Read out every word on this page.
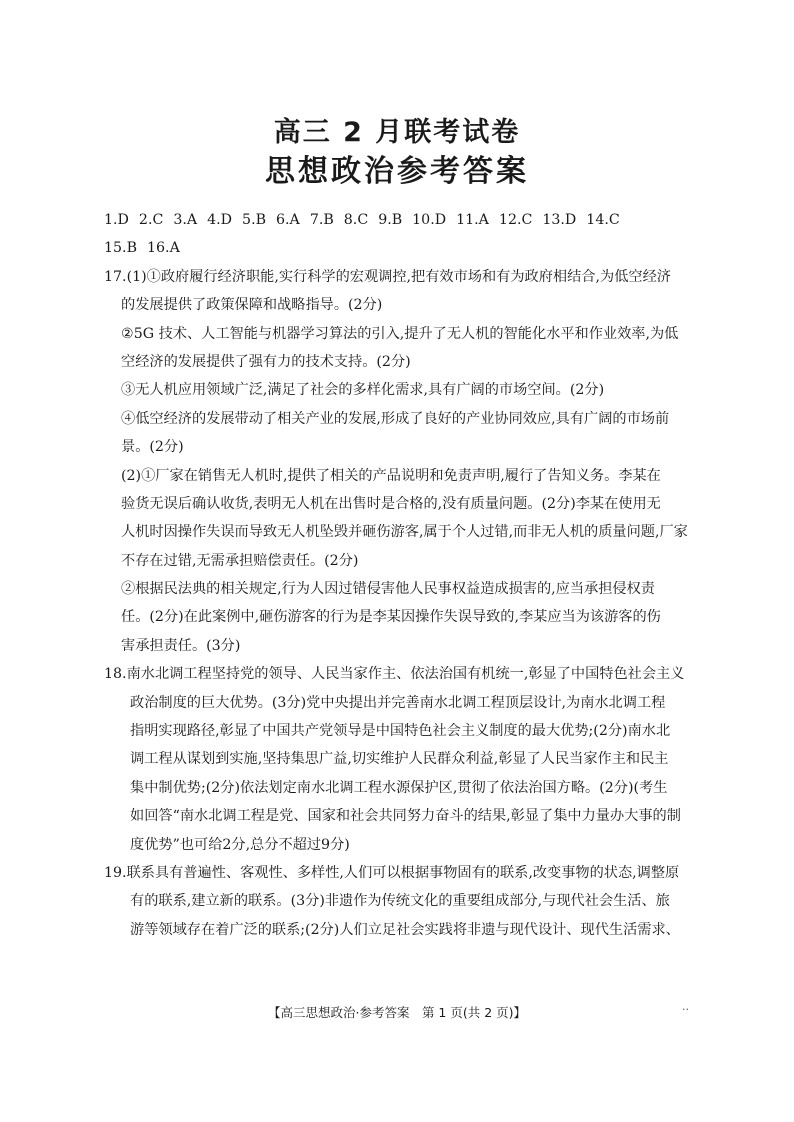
高三 2 月联考试卷
思想政治参考答案
1.D 2.C 3.A 4.D 5.B 6.A 7.B 8.C 9.B 10.D 11.A 12.C 13.D 14.C
15.B 16.A
17.(1)①政府履行经济职能,实行科学的宏观调控,把有效市场和有为政府相结合,为低空经济
的发展提供了政策保障和战略指导。(2分)
②5G 技术、人工智能与机器学习算法的引入,提升了无人机的智能化水平和作业效率,为低
空经济的发展提供了强有力的技术支持。(2分)
③无人机应用领域广泛,满足了社会的多样化需求,具有广阔的市场空间。(2分)
④低空经济的发展带动了相关产业的发展,形成了良好的产业协同效应,具有广阔的市场前
景。(2分)
(2)①厂家在销售无人机时,提供了相关的产品说明和免责声明,履行了告知义务。李某在
验货无误后确认收货,表明无人机在出售时是合格的,没有质量问题。(2分)李某在使用无
人机时因操作失误而导致无人机坠毁并砸伤游客,属于个人过错,而非无人机的质量问题,厂家
不存在过错,无需承担赔偿责任。(2分)
②根据民法典的相关规定,行为人因过错侵害他人民事权益造成损害的,应当承担侵权责
任。(2分)在此案例中,砸伤游客的行为是李某因操作失误导致的,李某应当为该游客的伤
害承担责任。(3分)
18.南水北调工程坚持党的领导、人民当家作主、依法治国有机统一,彰显了中国特色社会主义
政治制度的巨大优势。(3分)党中央提出并完善南水北调工程顶层设计,为南水北调工程
指明实现路径,彰显了中国共产党领导是中国特色社会主义制度的最大优势;(2分)南水北
调工程从谋划到实施,坚持集思广益,切实维护人民群众利益,彰显了人民当家作主和民主
集中制优势;(2分)依法划定南水北调工程水源保护区,贯彻了依法治国方略。(2分)(考生
如回答“南水北调工程是党、国家和社会共同努力奋斗的结果,彰显了集中力量办大事的制
度优势”也可给2分,总分不超过9分)
19.联系具有普遍性、客观性、多样性,人们可以根据事物固有的联系,改变事物的状态,调整原
有的联系,建立新的联系。(3分)非遗作为传统文化的重要组成部分,与现代社会生活、旅
游等领域存在着广泛的联系;(2分)人们立足社会实践将非遗与现代设计、现代生活需求、
【高三思想政治·参考答案　第 1 页(共 2 页)】	..
